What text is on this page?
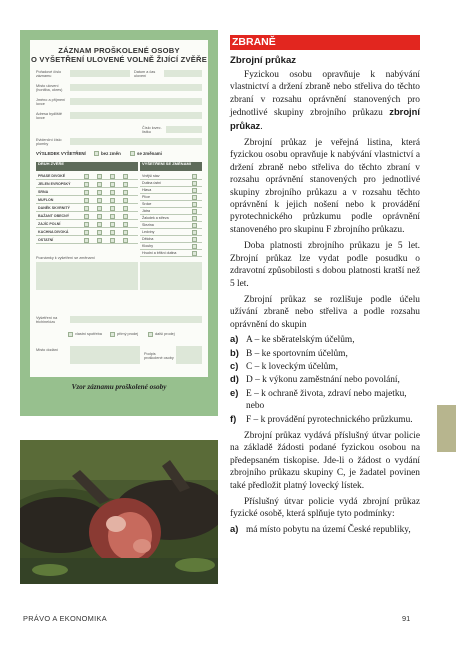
ZÁZNAM PROŠKOLENÉ OSOBY
O VYŠETŘENÍ ULOVENÉ VOLNĚ ŽIJÍCÍ ZVĚŘE
Pořadové číslo záznamu
Datum a čas ulovení
Místo ulovení (honitba, okres)
Jméno a příjmení lovce
Adresa bydliště lovce
Číslo lovec. lístku
Evidenční číslo plomby
VÝSLEDEK VYŠETŘENÍ	bez změn	se změnami
DRUH ZVĚŘE	VYŠETŘENÍ SE ZMĚNAMI
PRASE DIVOKÉ
JELEN EVROPSKÝ
SRNA
MUFLON
DANĚK SKVRNITÝ
BAŽANT OBECNÝ
ZAJÍC POLNÍ
KACHNA DIVOKÁ
OSTATNÍ
Vnější stav
Dutina ústní
Hlava
Plíce
Srdce
Játra
Žaludek a střeva
Slezina
Ledviny
Děloha
Klouby
Hrudní a břišní dutina
Poznámky k vyšetření se změnami
Vyšetření na trichinelózu
vlastní spotřeba	přímý prodej	další prodej
Místo dodání
Podpis proškolené osoby
Vzor záznamu proškolené osoby
ZBRANĚ
Zbrojní průkaz

Fyzickou osobu opravňuje k nabývání vlastnictví a držení zbraně nebo střeliva do těchto zbraní v rozsahu oprávnění stanovených pro jednotlivé skupiny zbrojního průkazu zbrojní průkaz.

Zbrojní průkaz je veřejná listina, která fyzickou osobu opravňuje k nabývání vlastnictví a držení zbraně nebo střeliva do těchto zbraní v rozsahu oprávnění stanovených pro jednotlivé skupiny zbrojního průkazu a v rozsahu těchto oprávnění k jejich nošení nebo k provádění pyrotechnického průzkumu podle oprávnění stanoveného pro skupinu F zbrojního průkazu.

Doba platnosti zbrojního průkazu je 5 let. Zbrojní průkaz lze vydat podle posudku o zdravotní způsobilosti s dobou platnosti kratší než 5 let.

Zbrojní průkaz se rozlišuje podle účelu užívání zbraně nebo střeliva a podle rozsahu oprávnění do skupin

a) A – ke sběratelským účelům,
b) B – ke sportovním účelům,
c) C – k loveckým účelům,
d) D – k výkonu zaměstnání nebo povolání,
e) E – k ochraně života, zdraví nebo majetku, nebo
f) F – k provádění pyrotechnického průzkumu.

Zbrojní průkaz vydává příslušný útvar policie na základě žádosti podané fyzickou osobou na předepsaném tiskopise. Jde-li o žádost o vydání zbrojního průkazu skupiny C, je žadatel povinen také předložit platný lovecký lístek.

Příslušný útvar policie vydá zbrojní průkaz fyzické osobě, která splňuje tyto podmínky:

a) má místo pobytu na území České republiky,
PRÁVO A EKONOMIKA	91
